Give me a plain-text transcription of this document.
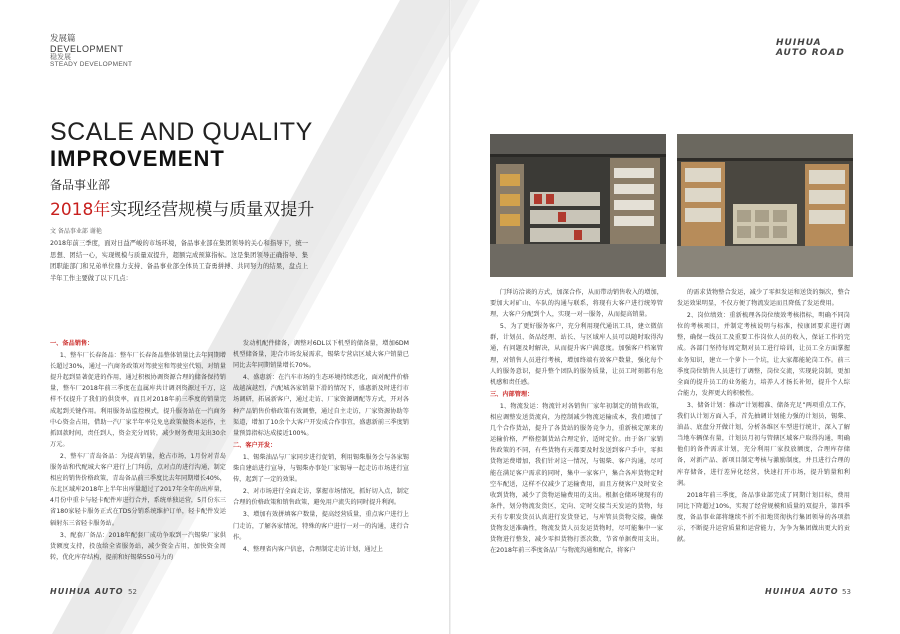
发展篇
DEVELOPMENT
稳发展
STEADY DEVELOPMENT
HUIHUA AUTO ROAD
SCALE AND QUALITY
IMPROVEMENT
备品事业部
2018年实现经营规模与质量双提升
文 备品事业部 谢艳

2018年前三季度，面对日益严峻的市场环境，备品事业部在集团领导的关心和指导下，统一思想、团结一心，实现规模与质量双提升，超额完成预算指标。这是集团领导正确指导、集团职能部门和兄弟单位鼎力支持、备品事业部全体员工奋勇拼搏、共同努力的结果，盘点上半年工作主要做了以下几点：

一、备品销售：

1、整车厂长春备品：整车厂长春备品整体销量比去年同期增长超过30%，通过一汽商务政策对驾驶室和驾驶室代锁、对销量提升起到显著促进的作用，通过积极协调资源合理的储备保持销量，整车厂2018年前三季度在直属库共计调剂资源过千万，这样不仅提升了我们的供货率，而且对2018年前三季度的销量完成起到关键作用。利用服务站监控模式，提升服务站在一汽商务中心资金占用，借助一汽厂家半年率兑免息政策做资本运作，主抓回款时间，责任到人，资金充分周转，减少财务费用支出30余万元。

2、整车厂青岛备品：为提高销量，抢占市场，1月份对青岛服务站和代配城大客户进行上门拜访，点对点的进行沟通，制定相应的销售价格政策，青岛备品前三季度比去年同期增长40%，东北区域库2018年上半年出库量超过了2017年全年的出库量，4月份中重卡与轻卡配件库进行合并，系统单独运营，5月份东三省180家轻卡服务正式在TDS分销系统维护订单，轻卡配件发运辐射东三省轻卡服务站。

3、配套厂备品：2018年配套厂成功争取到一汽锡柴厂家供货额度支持，投放给全省服务站，减少资金占用，加快资金周转，优化库存结构，提前和好锡柴550马力的

发动机配件储备，调整对6DL以下机型的储备量，增加6DM机型储备量，迎合市场发展需求，锡柴专营店区域大客户销量已同比去年同期销量增长70%。

4、盛惠新：在汽车市场的生态环境持续恶化，面对配件价格战越演越烈，汽配城各家销量下滑的情况下，盛惠新及时进行市场调研，拓展新客户，通过走访、厂家资源调配等方式，开对各种产品销售价格政策有效调整，通过自主走访，厂家资源协助等渠道，增加了10余个大客户开发成合作事宜，盛惠新前三季度销量预算指标达成接近100%。

二、客户开发：

1、锡柴油品与厂家同步进行促销，利用锡柴服务会与各家锡柴自建站进行宣导，与锡柴办事处厂家锡导一起走访市场进行宣传，起到了一定的效果。

2、对市场进行全面走访，掌握市场情况，抓好切入点，制定合理的价格政策和销售政策，避免用户流失的同时提升利润。

3、增加有效拼填客户数量，提高经营质量，重点客户进行上门走访，了解各家情况，特殊的客户进行一对一的沟通，进行合作。

4、整理省内客户信息，合理制定走访计划，通过上

门拜访洽谈的方式，加深合作，从而带动销售收入的增加，要加大对矿山、车队的沟通与联系，将现有大客户进行统筹管理，大客户分配到个人，实现一对一服务，从而提高销量。

5、为了更好服务客户，充分利用现代通讯工具，建立微信群，计划员、备品经理、站长、与区域库人员可以随时取得沟通，有问题及时解决，从而提升客户满意度。加强客户档案管理，对销售人员进行考核，增加终端有效客户数量，强化每个人的服务意识，提升整个团队的服务质量，让员工时刻都有危机感和责任感。

三、内部管理：

1、物流发运：物流针对各销售厂家年初制定的销售政策，相应调整发送货流向，为控制减少物流运输成本，我们增加了几个合作货站，提升了各货站的服务竞争力，重新核定原来的运输价格，严格控制货站合理定价，适时定价。由于备厂家销售政策的不同，有些货物有天都要及时发送到客户手中，零担货物运费增加，我们针对这一情况，与锡柴、客户沟通，尽可能在满足客户需求的同时，集中一家客户，集合各库货物定时空车配送，这样不仅减少了运输费用，而且方便客户及时安全收到货物，减少了货物运输费用的支出。根据仓储环境现有的条件，划分物流发货区，定向、定时交接当天发运的货物，每天有专职发货员认真进行发货登记，与库管员货物交接，确保货物发送准确性，物流发货人员发运货物时，尽可能集中一家货物进行整发，减少零担货物打票次数，节省单据费用支出。在2018年前三季度备品厂与物流沟通和配合，将客户

的需求货物整合发运，减少了零担发运和送货的频次，整合发运效果明显，不仅方便了物流发运而且降低了发运费用。

2、岗位绩效：重新梳理各岗位绩效考核指标，明确不同岗位的考核项目，并制定考核说明与标准，按康团要求进行调整，确保一线员工及重要工作岗位人员的收入，保证工作的完成。各部门坚持每周定期对员工进行培训，让员工全方面掌握业务知识，建立一个萝卜一个坑，让大家都能轮岗工作。前三季度岗位销售人员进行了调整，岗位交流，实现轮岗制，更加全面的提升员工的业务能力，培养人才扬长补短，提升个人综合能力，发挥更大的积极性。

3、储备计划：推动“计划精准、储备充足”两项重点工作，我们认计划方面入手，首先抽调计划能力强的计划员，锡柴、油品、底盘分开做计划，分析各维区车型进行统计，深入了解当地车辆保有量，计划员月初与管辖区域客户取得沟通，明确他们的备件需求计划，充分利用厂家投放额度，合理库存储备，对新产品、新项目制定考核与激励制度，并且进行合理的库存储备，进行差异化经营，快速打开市场，提升销量和利润。

2018年前三季度，备品事业部完成了同期计划目标，费用同比下降超过10%，实现了经营规模和质量的双提升，第四季度，备品事业部将继续不折不扣地贯彻执行集团领导的各项指示，不断提升运营质量和运营能力，为争为集团做出更大的贡献。

HUIHUA AUTO 52	HUIHUA AUTO 53
